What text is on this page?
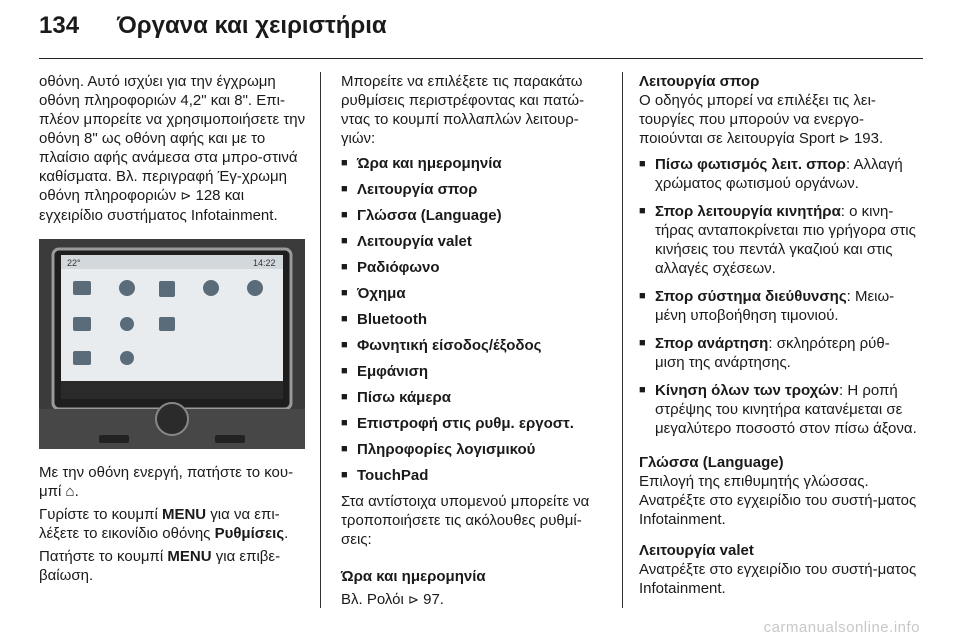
134 Όργανα και χειριστήρια

οθόνη. Αυτό ισχύει για την έγχρωμη οθόνη πληροφοριών 4,2" και 8". Επι-πλέον μπορείτε να χρησιμοποιήσετε την οθόνη 8" ως οθόνη αφής και με το πλαίσιο αφής ανάμεσα στα μπρο-στινά καθίσματα. Βλ. περιγραφή Έγ-χρωμη οθόνη πληροφοριών ⊳ 128 και εγχειρίδιο συστήματος Infotainment.

22°	14:22

Με την οθόνη ενεργή, πατήστε το κου-μπί ⌂.

Γυρίστε το κουμπί MENU για να επι-λέξετε το εικονίδιο οθόνης Ρυθμίσεις.

Πατήστε το κουμπί MENU για επιβε-βαίωση.

Μπορείτε να επιλέξετε τις παρακάτω ρυθμίσεις περιστρέφοντας και πατώ-ντας το κουμπί πολλαπλών λειτουρ-γιών:

■ Ώρα και ημερομηνία
■ Λειτουργία σπορ
■ Γλώσσα (Language)
■ Λειτουργία valet
■ Ραδιόφωνο
■ Όχημα
■ Bluetooth
■ Φωνητική είσοδος/έξοδος
■ Εμφάνιση
■ Πίσω κάμερα
■ Επιστροφή στις ρυθμ. εργοστ.
■ Πληροφορίες λογισμικού
■ TouchPad

Στα αντίστοιχα υπομενού μπορείτε να τροποποιήσετε τις ακόλουθες ρυθμί-σεις:

Ώρα και ημερομηνία

Βλ. Ρολόι ⊳ 97.

Λειτουργία σπορ

Ο οδηγός μπορεί να επιλέξει τις λει-τουργίες που μπορούν να ενεργο-ποιούνται σε λειτουργία Sport ⊳ 193.

■ Πίσω φωτισμός λειτ. σπορ: Αλλαγή χρώματος φωτισμού οργάνων.
■ Σπορ λειτουργία κινητήρα: ο κινη-τήρας ανταποκρίνεται πιο γρήγορα στις κινήσεις του πεντάλ γκαζιού και στις αλλαγές σχέσεων.
■ Σπορ σύστημα διεύθυνσης: Μειω-μένη υποβοήθηση τιμονιού.
■ Σπορ ανάρτηση: σκληρότερη ρύθ-μιση της ανάρτησης.
■ Κίνηση όλων των τροχών: Η ροπή στρέψης του κινητήρα κατανέμεται σε μεγαλύτερο ποσοστό στον πίσω άξονα.

Γλώσσα (Language)

Επιλογή της επιθυμητής γλώσσας. Ανατρέξτε στο εγχειρίδιο του συστή-ματος Infotainment.

Λειτουργία valet

Ανατρέξτε στο εγχειρίδιο του συστή-ματος Infotainment.

carmanualsonline.info
